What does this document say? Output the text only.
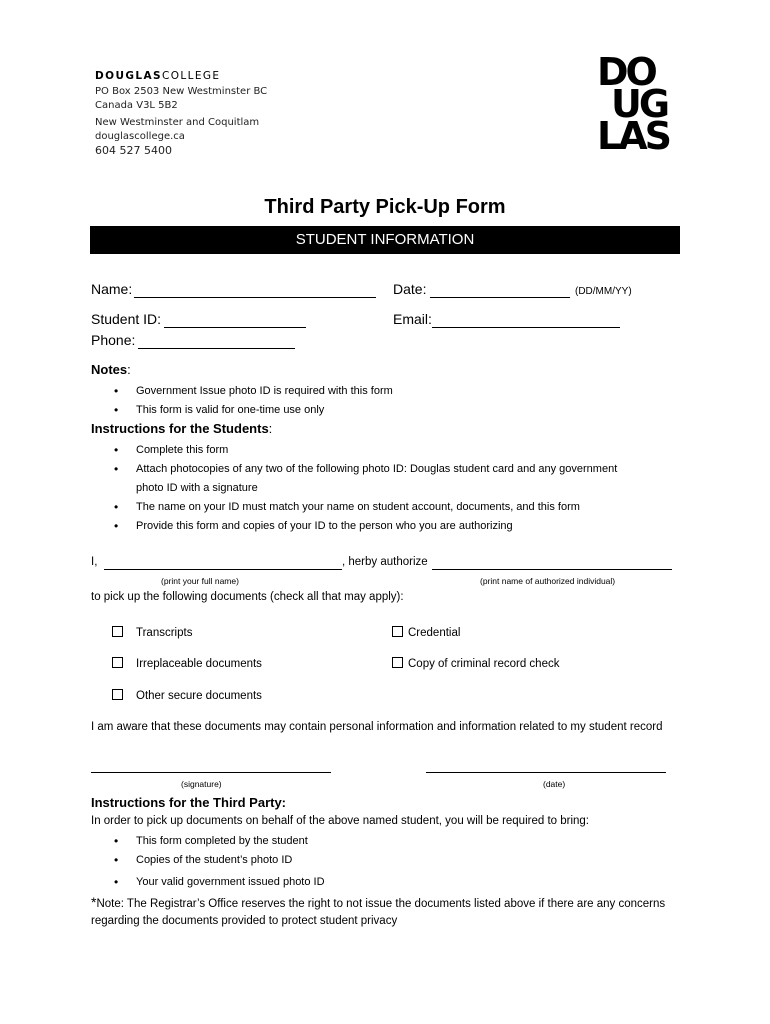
DOUGLASCOLLEGE
PO Box 2503 New Westminster BC
Canada V3L 5B2
New Westminster and Coquitlam
douglascollege.ca
604 527 5400
DO
UG
LAS
Third Party Pick-Up Form
STUDENT INFORMATION
Name:	Date:	(DD/MM/YY)
Student ID:	Email:
Phone:
Notes:
• Government Issue photo ID is required with this form
• This form is valid for one-time use only
Instructions for the Students:
• Complete this form
• Attach photocopies of any two of the following photo ID: Douglas student card and any government
photo ID with a signature
• The name on your ID must match your name on student account, documents, and this form
• Provide this form and copies of your ID to the person who you are authorizing
I,	, herby authorize
(print your full name)	(print name of authorized individual)
to pick up the following documents (check all that may apply):
Transcripts	Credential
Irreplaceable documents	Copy of criminal record check
Other secure documents
I am aware that these documents may contain personal information and information related to my student record
(signature)	(date)
Instructions for the Third Party:
In order to pick up documents on behalf of the above named student, you will be required to bring:
• This form completed by the student
• Copies of the student’s photo ID
• Your valid government issued photo ID
*Note: The Registrar’s Office reserves the right to not issue the documents listed above if there are any concerns
regarding the documents provided to protect student privacy
